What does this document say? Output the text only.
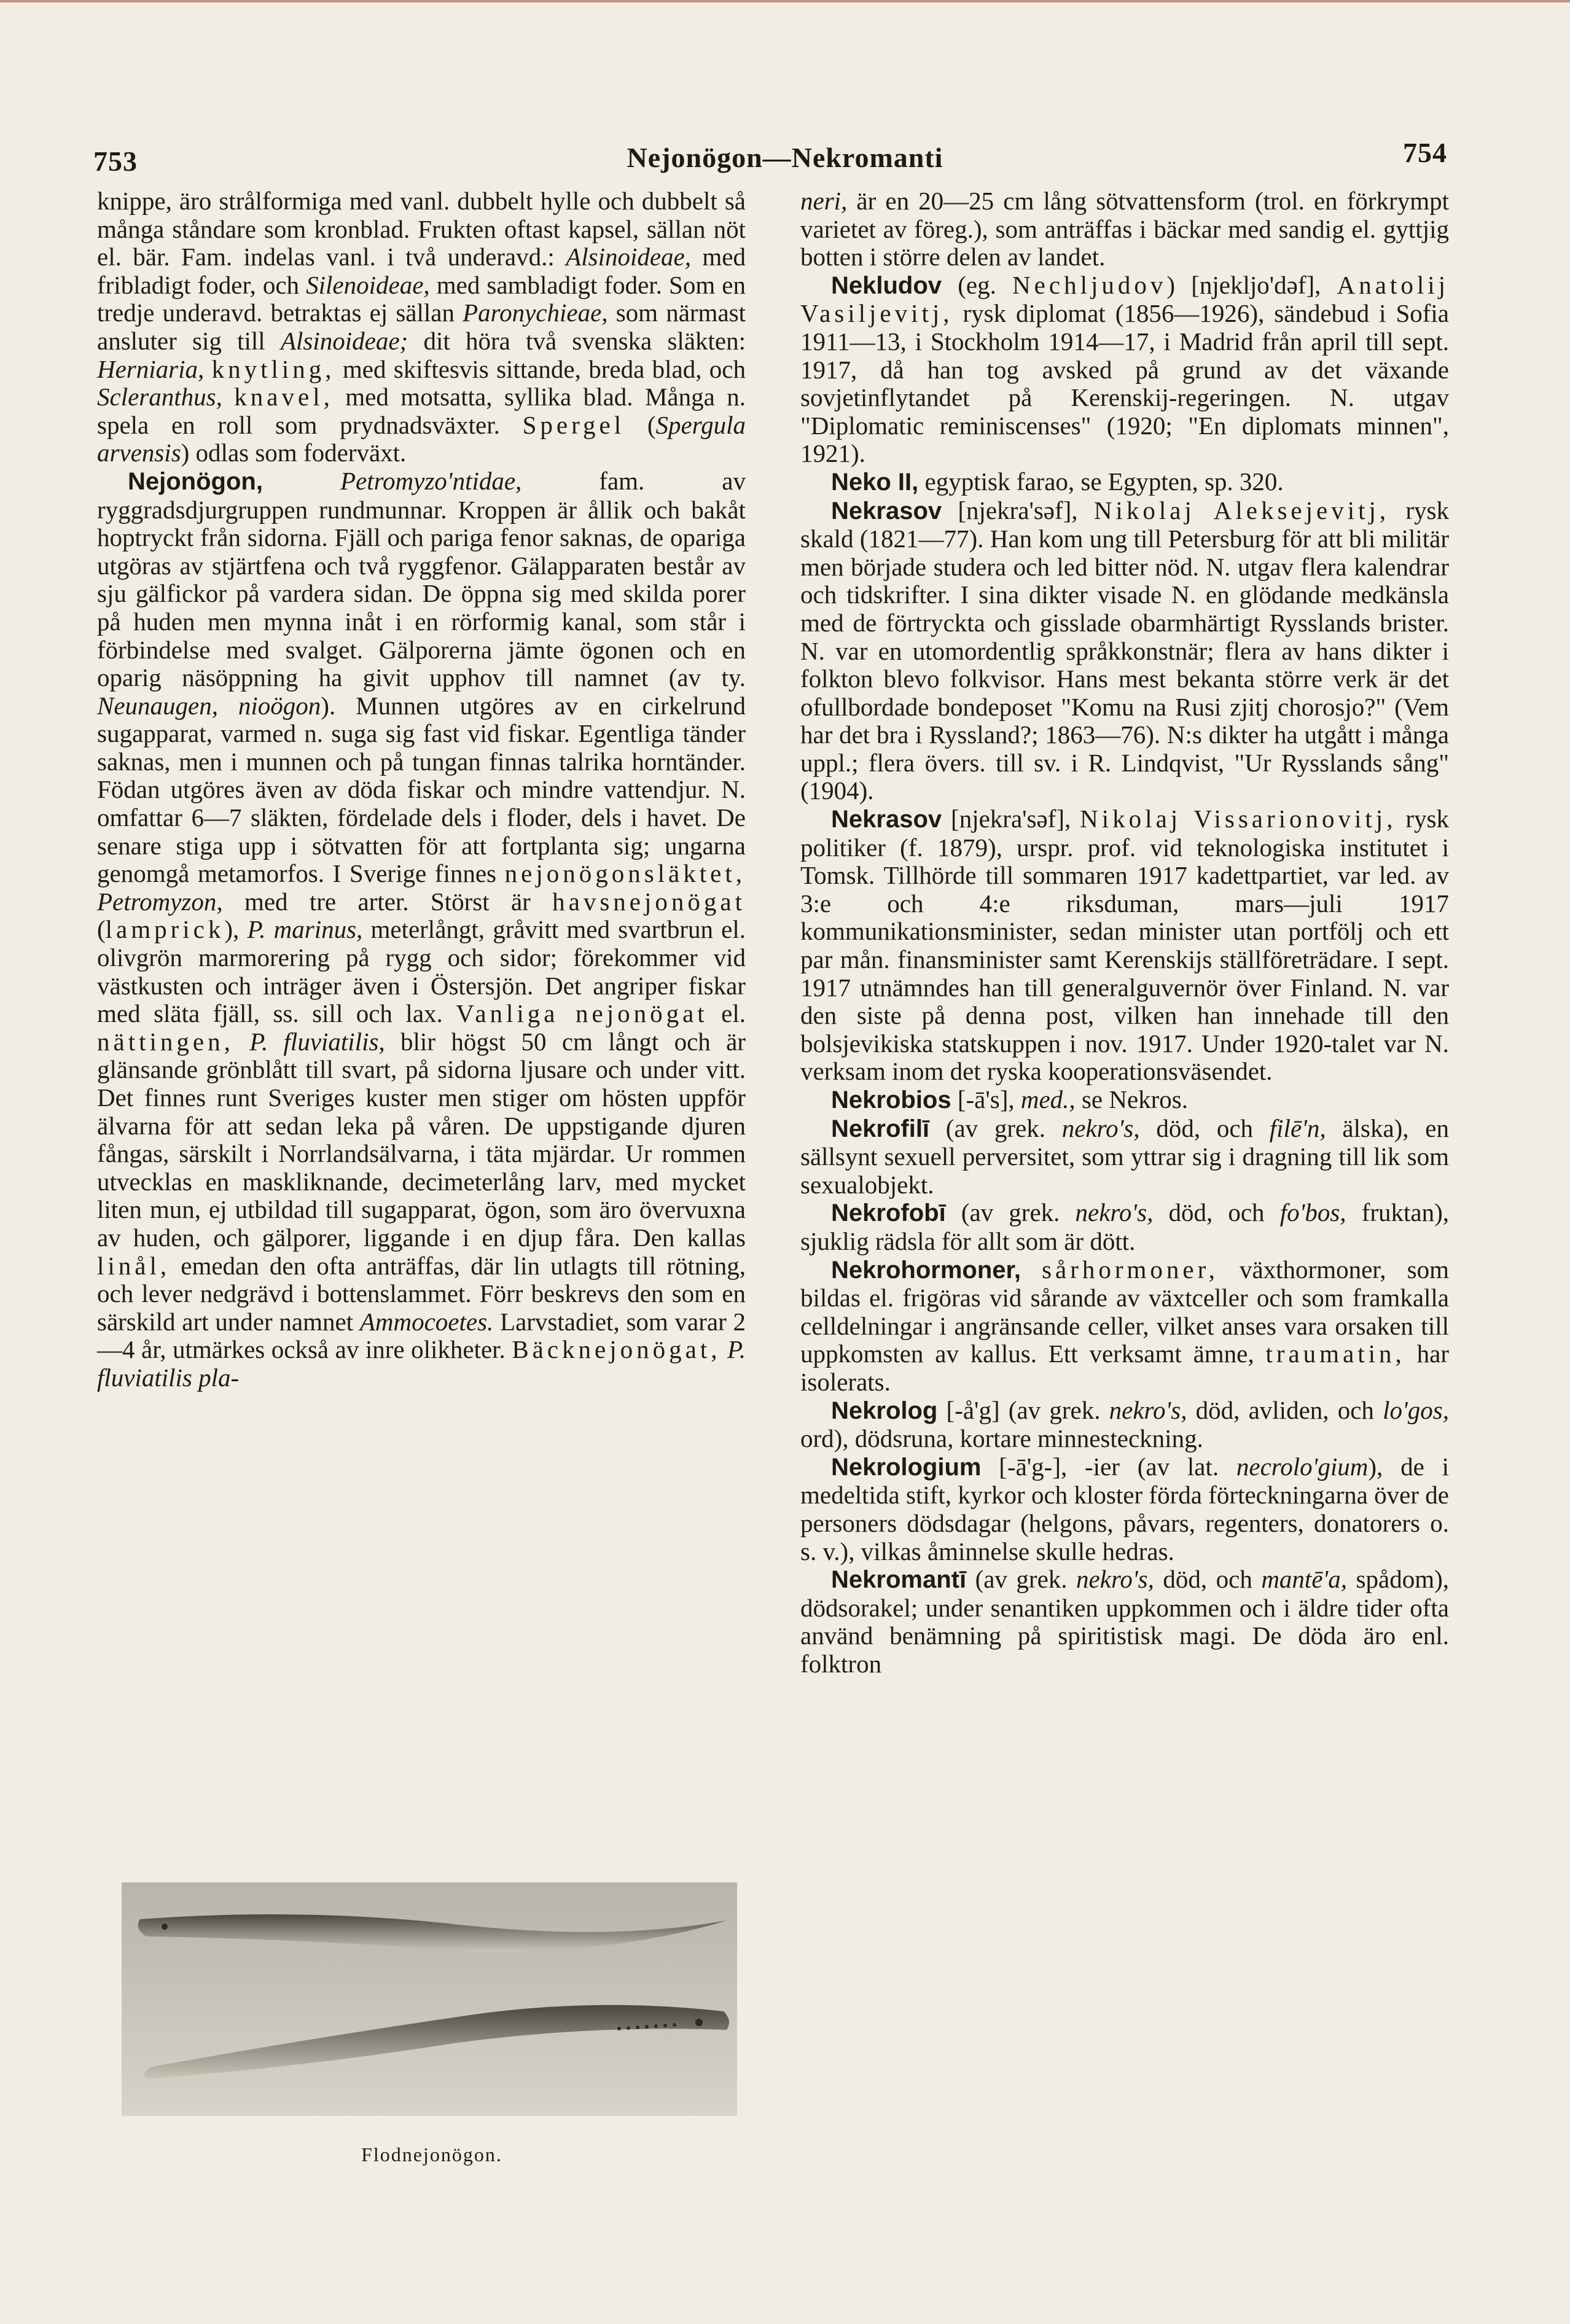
753	Nejonögon—Nekromanti	754

knippe, äro strålformiga med vanl. dubbelt hylle och dubbelt så många ståndare som kronblad. Frukten oftast kapsel, sällan nöt el. bär. Fam. indelas vanl. i två underavd.: Alsinoideae, med fribladigt foder, och Silenoideae, med sambladigt foder. Som en tredje underavd. betraktas ej sällan Paronychieae, som närmast ansluter sig till Alsinoideae; dit höra två svenska släkten: Herniaria, knytling, med skiftesvis sittande, breda blad, och Scleranthus, knavel, med motsatta, syllika blad. Många n. spela en roll som prydnadsväxter. Spergel (Spergula arvensis) odlas som foderväxt.

Nejonögon,	Petromyzo'ntidae, fam. av ryggradsdjurgruppen rundmunnar. Kroppen är ållik och bakåt hoptryckt från sidorna. Fjäll och pariga fenor saknas, de opariga utgöras av stjärtfena och två ryggfenor. Gälapparaten består av sju gälfickor på vardera sidan. De öppna sig med skilda porer på huden men mynna inåt i en rörformig kanal, som står i förbindelse med svalget. Gälporerna jämte ögonen och en oparig näsöppning ha givit upphov till namnet (av ty. Neunaugen, nioögon). Munnen utgöres av en cirkelrund sugapparat, varmed n. suga sig fast vid fiskar. Egentliga tänder saknas, men i munnen och på tungan finnas talrika horntänder. Födan utgöres även av döda fiskar och mindre vattendjur. N. omfattar 6—7 släkten, fördelade dels i floder, dels i havet. De senare stiga upp i sötvatten för att fortplanta sig; ungarna genomgå metamorfos. I Sverige finnes nejonögonsläktet, Petromyzon, med tre arter. Störst är havsnejonögat (lamprick), P. marinus, meterlångt, gråvitt med svartbrun el. olivgrön marmorering på rygg och sidor; förekommer vid västkusten och inträger även i Östersjön. Det angriper fiskar med släta fjäll, ss. sill och lax. Vanliga nejonögat el. nättingen, P. fluviatilis, blir högst 50 cm långt och är glänsande grönblått till svart, på sidorna ljusare och under vitt. Det finnes runt Sveriges kuster men stiger om hösten uppför älvarna för att sedan leka på våren. De uppstigande djuren fångas, särskilt i Norrlandsälvarna, i täta mjärdar. Ur rommen utvecklas en maskliknande, decimeterlång larv, med mycket liten mun, ej utbildad till sugapparat, ögon, som äro övervuxna av huden, och gälporer, liggande i en djup fåra. Den kallas linål, emedan den ofta anträffas, där lin utlagts till rötning, och lever nedgrävd i bottenslammet. Förr beskrevs den som en särskild art under namnet Ammocoetes. Larvstadiet, som varar 2—4 år, utmärkes också av inre olikheter. Bäcknejonögat, P. fluviatilis pla-

Flodnejonögon.

neri, är en 20—25 cm lång sötvattensform (trol. en förkrympt varietet av föreg.), som anträffas i bäckar med sandig el. gyttjig botten i större delen av landet.

Nekludov (eg. Nechljudov) [njekljo'dəf], Anatolij Vasiljevitj, rysk diplomat (1856—1926), sändebud i Sofia 1911—13, i Stockholm 1914—17, i Madrid från april till sept. 1917, då han tog avsked på grund av det växande sovjetinflytandet på Kerenskij-regeringen. N. utgav "Diplomatic reminiscenses" (1920; "En diplomats minnen", 1921).

Neko II, egyptisk farao, se Egypten, sp. 320.

Nekrasov [njekra'səf], Nikolaj Aleksejevitj, rysk skald (1821—77). Han kom ung till Petersburg för att bli militär men började studera och led bitter nöd. N. utgav flera kalendrar och tidskrifter. I sina dikter visade N. en glödande medkänsla med de förtryckta och gisslade obarmhärtigt Rysslands brister. N. var en utomordentlig språkkonstnär; flera av hans dikter i folkton blevo folkvisor. Hans mest bekanta större verk är det ofullbordade bondeposet "Komu na Rusi zjitj chorosjo?" (Vem har det bra i Ryssland?; 1863—76). N:s dikter ha utgått i många uppl.; flera övers. till sv. i R. Lindqvist, "Ur Rysslands sång" (1904).

Nekrasov [njekra'səf], Nikolaj Vissarionovitj, rysk politiker (f. 1879), urspr. prof. vid teknologiska institutet i Tomsk. Tillhörde till sommaren 1917 kadettpartiet, var led. av 3:e och 4:e riksduman, mars—juli 1917 kommunikationsminister, sedan minister utan portfölj och ett par mån. finansminister samt Kerenskijs ställföreträdare. I sept. 1917 utnämndes han till generalguvernör över Finland. N. var den siste på denna post, vilken han innehade till den bolsjevikiska statskuppen i nov. 1917. Under 1920-talet var N. verksam inom det ryska kooperationsväsendet.

Nekrobios [-ā's], med., se Nekros.

Nekrofilī (av grek. nekro's, död, och filē'n, älska), en sällsynt sexuell perversitet, som yttrar sig i dragning till lik som sexualobjekt.

Nekrofobī (av grek. nekro's, död, och fo'bos, fruktan), sjuklig rädsla för allt som är dött.

Nekrohormoner, sårhormoner, växthormoner, som bildas el. frigöras vid sårande av växtceller och som framkalla celldelningar i angränsande celler, vilket anses vara orsaken till uppkomsten av kallus. Ett verksamt ämne, traumatin, har isolerats.

Nekrolog [-å'g] (av grek. nekro's, död, avliden, och lo'gos, ord), dödsruna, kortare minnesteckning.

Nekrologium [-ā'g-], -ier (av lat. necrolo'gium), de i medeltida stift, kyrkor och kloster förda förteckningarna över de personers dödsdagar (helgons, påvars, regenters, donatorers o. s. v.), vilkas åminnelse skulle hedras.

Nekromantī (av grek. nekro's, död, och mantē'a, spådom), dödsorakel; under senantiken uppkommen och i äldre tider ofta använd benämning på spiritistisk magi. De döda äro enl. folktron
